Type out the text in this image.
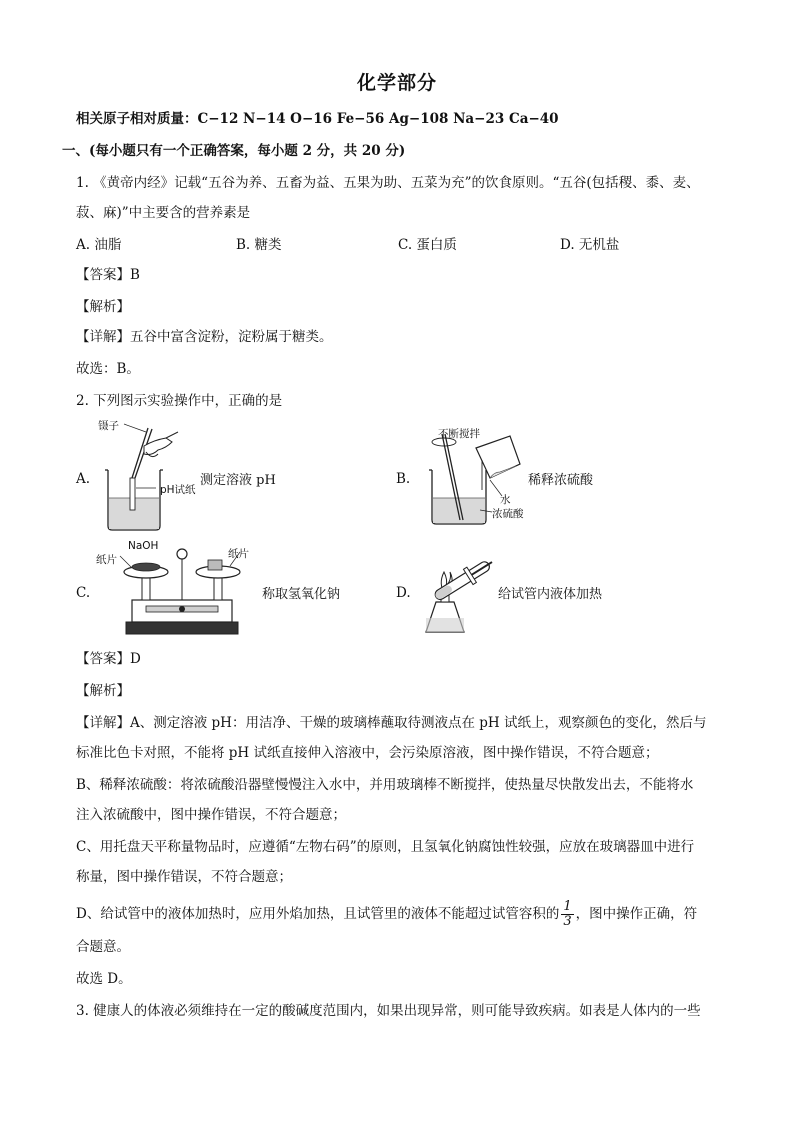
化学部分
相关原子相对质量：C−12 N−14 O−16 Fe−56 Ag−108 Na−23 Ca−40
一、(每小题只有一个正确答案，每小题 2 分，共 20 分)
1. 《黄帝内经》记载“五谷为养、五畜为益、五果为助、五菜为充”的饮食原则。“五谷(包括稷、黍、麦、
菽、麻)”中主要含的营养素是
A. 油脂	B. 糖类	C. 蛋白质	D. 无机盐
【答案】B
【解析】
【详解】五谷中富含淀粉，淀粉属于糖类。
故选：B。
2. 下列图示实验操作中，正确的是
A.
镊子
pH试纸
测定溶液 pH	B.
不断搅拌
水
浓硫酸
稀释浓硫酸
C.
纸片
NaOH
纸片
称取氢氧化钠	D.	给试管内液体加热
【答案】D
【解析】
【详解】A、测定溶液 pH：用洁净、干燥的玻璃棒蘸取待测液点在 pH 试纸上，观察颜色的变化，然后与
标准比色卡对照，不能将 pH 试纸直接伸入溶液中，会污染原溶液，图中操作错误，不符合题意；
B、稀释浓硫酸：将浓硫酸沿器壁慢慢注入水中，并用玻璃棒不断搅拌，使热量尽快散发出去，不能将水
注入浓硫酸中，图中操作错误，不符合题意；
C、用托盘天平称量物品时，应遵循“左物右码”的原则，且氢氧化钠腐蚀性较强，应放在玻璃器皿中进行
称量，图中操作错误，不符合题意；
D、给试管中的液体加热时，应用外焰加热，且试管里的液体不能超过试管容积的 $\frac{1}{3}$ ，图中操作正确，符
合题意。
故选 D。
3. 健康人的体液必须维持在一定的酸碱度范围内，如果出现异常，则可能导致疾病。如表是人体内的一些
